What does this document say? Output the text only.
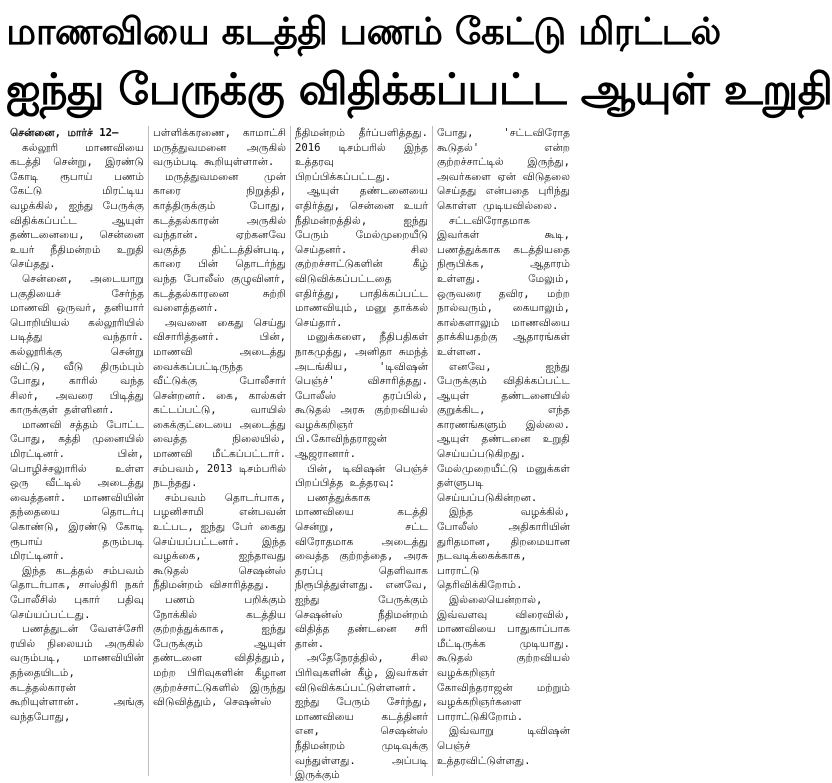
மாணவியை கடத்தி பணம் கேட்டு மிரட்டல்
ஐந்து பேருக்கு விதிக்கப்பட்ட ஆயுள் உறுதி

சென்னை, மார்ச் 12–

கல்லூரி மாணவியை கடத்தி சென்று, இரண்டு கோடி ரூபாய் பணம் கேட்டு மிரட்டிய வழக்கில், ஐந்து பேருக்கு விதிக்கப்பட்ட ஆயுள் தண்டனையை, சென்னை உயர் நீதிமன்றம் உறுதி செய்தது.

சென்னை, அடையாறு பகுதியைச் சேர்ந்த மாணவி ஒருவர், தனியார் பொறியியல் கல்லூரியில் படித்து வந்தார். கல்லூரிக்கு சென்று விட்டு, வீடு திரும்பும் போது, காரில் வந்த சிலர், அவரை பிடித்து காருக்குள் தள்ளினர்.

மாணவி சத்தம் போட்ட போது, கத்தி முனையில் மிரட்டினர். பின், பொழிச்சலுாரில் உள்ள ஒரு வீட்டில் அடைத்து வைத்தனர். மாணவியின் தந்தையை தொடர்பு கொண்டு, இரண்டு கோடி ரூபாய் தரும்படி மிரட்டினர்.

இந்த கடத்தல் சம்பவம் தொடர்பாக, சாஸ்திரி நகர் போலீசில் புகார் பதிவு செய்யப்பட்டது.

பணத்துடன் வேளச்சேரி ரயில் நிலையம் அருகில் வரும்படி, மாணவியின் தந்தையிடம், கடத்தல்காரன் கூறியுள்ளான். அங்கு வந்தபோது,

பள்ளிக்கரணை, காமாட்சி மருத்துவமனை அருகில் வரும்படி கூறியுள்ளான்.

மருத்துவமனை முன் காரை நிறுத்தி, காத்திருக்கும் போது, கடத்தல்காரன் அருகில் வந்தான். ஏற்கனவே வகுத்த திட்டத்தின்படி, காரை பின் தொடர்ந்து வந்த போலீஸ் குழுவினர், கடத்தல்காரனை சுற்றி வளைத்தனர்.

அவனை கைது செய்து விசாரித்தனர். பின், மாணவி அடைத்து வைக்கப்பட்டிருந்த வீட்டுக்கு போலீசார் சென்றனர். கை, கால்கள் கட்டப்பட்டு, வாயில் கைக்குட்டையை அடைத்து வைத்த நிலையில், மாணவி மீட்கப்பட்டார். சம்பவம், 2013 டிசம்பரில் நடந்தது.

சம்பவம் தொடர்பாக, பழனிசாமி என்பவன் உட்பட, ஐந்து பேர் கைது செய்யப்பட்டனர். இந்த வழக்கை, ஐந்தாவது கூடுதல் செஷன்ஸ் நீதிமன்றம் விசாரித்தது.

பணம் பறிக்கும் நோக்கில் கடத்திய குற்றத்துக்காக, ஐந்து பேருக்கும் ஆயுள் தண்டனை விதித்தும், மற்ற பிரிவுகளின் கீழான குற்றச்சாட்டுகளில் இருந்து விடுவித்தும், செஷன்ஸ்

நீதிமன்றம் தீர்ப்பளித்தது. 2016 டிசம்பரில் இந்த உத்தரவு பிறப்பிக்கப்பட்டது.

ஆயுள் தண்டனையை எதிர்த்து, சென்னை உயர் நீதிமன்றத்தில், ஐந்து பேரும் மேல்முறையீடு செய்தனர். சில குற்றச்சாட்டுகளின் கீழ் விடுவிக்கப்பட்டதை எதிர்த்து, பாதிக்கப்பட்ட மாணவியும், மனு தாக்கல் செய்தார்.

மனுக்களை, நீதிபதிகள் நாகமுத்து, அனிதா சுமந்த் அடங்கிய, 'டிவிஷன் பெஞ்ச்' விசாரித்தது. போலீஸ் தரப்பில், கூடுதல் அரசு குற்றவியல் வழக்கறிஞர் பி.கோவிந்தராஜன் ஆஜரானார்.

பின், டிவிஷன் பெஞ்ச் பிறப்பித்த உத்தரவு:

பணத்துக்காக மாணவியை கடத்தி சென்று, சட்ட விரோதமாக அடைத்து வைத்த குற்றத்தை, அரசு தரப்பு தெளிவாக நிரூபித்துள்ளது. எனவே, ஐந்து பேருக்கும் செஷன்ஸ் நீதிமன்றம் விதித்த தண்டனை சரி தான்.

அதேநேரத்தில், சில பிரிவுகளின் கீழ், இவர்கள் விடுவிக்கப்பட்டுள்ளனர். ஐந்து பேரும் சேர்ந்து, மாணவியை கடத்தினர் என, செஷன்ஸ் நீதிமன்றம் முடிவுக்கு வந்துள்ளது. அப்படி இருக்கும்

போது, 'சட்டவிரோத கூடுதல்' என்ற குற்றச்சாட்டில் இருந்து, அவர்களை ஏன் விடுதலை செய்தது என்பதை புரிந்து கொள்ள முடியவில்லை.

சட்டவிரோதமாக இவர்கள் கூடி, பணத்துக்காக கடத்தியதை நிரூபிக்க, ஆதாரம் உள்ளது. மேலும், ஒருவரை தவிர, மற்ற நால்வரும், கையாலும், கால்களாலும் மாணவியை தாக்கியதற்கு ஆதாரங்கள் உள்ளன.

எனவே, ஐந்து பேருக்கும் விதிக்கப்பட்ட ஆயுள் தண்டனையில் குறுக்கிட, எந்த காரணங்களும் இல்லை. ஆயுள் தண்டனை உறுதி செய்யப்படுகிறது. மேல்முறையீட்டு மனுக்கள் தள்ளுபடி செய்யப்படுகின்றன.

இந்த வழக்கில், போலீஸ் அதிகாரியின் துரிதமான, திறமையான நடவடிக்கைக்காக, பாராட்டு தெரிவிக்கிறோம்.

இல்லையென்றால், இவ்வளவு விரைவில், மாணவியை பாதுகாப்பாக மீட்டிருக்க முடியாது. கூடுதல் குற்றவியல் வழக்கறிஞர் கோவிந்தராஜன் மற்றும் வழக்கறிஞர்களை பாராட்டுகிறோம்.

இவ்வாறு டிவிஷன் பெஞ்ச் உத்தரவிட்டுள்ளது.
